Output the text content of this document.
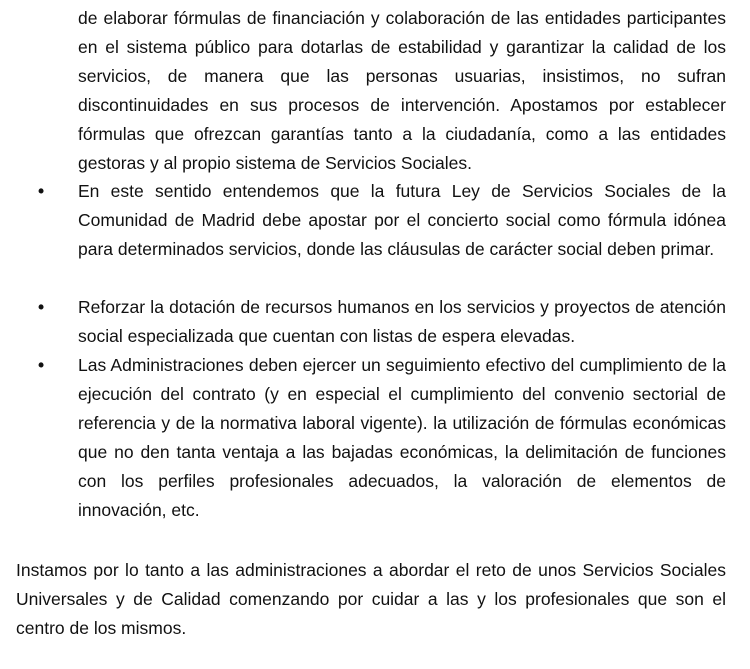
de elaborar fórmulas de financiación y colaboración de las entidades participantes en el sistema público para dotarlas de estabilidad y garantizar la calidad de los servicios, de manera que las personas usuarias, insistimos, no sufran discontinuidades en sus procesos de intervención. Apostamos por establecer fórmulas que ofrezcan garantías tanto a la ciudadanía, como a las entidades gestoras y al propio sistema de Servicios Sociales.

•

En este sentido entendemos que la futura Ley de Servicios Sociales de la Comunidad de Madrid debe apostar por el concierto social como fórmula idónea para determinados servicios, donde las cláusulas de carácter social deben primar.

•

Reforzar la dotación de recursos humanos en los servicios y proyectos de atención social especializada que cuentan con listas de espera elevadas.

•

Las Administraciones deben ejercer un seguimiento efectivo del cumplimiento de la ejecución del contrato (y en especial el cumplimiento del convenio sectorial de referencia y de la normativa laboral vigente). la utilización de fórmulas económicas que no den tanta ventaja a las bajadas económicas, la delimitación de funciones con los perfiles profesionales adecuados, la valoración de elementos de innovación, etc.

Instamos por lo tanto a las administraciones a abordar el reto de unos Servicios Sociales Universales y de Calidad comenzando por cuidar a las y los profesionales que son el centro de los mismos.
